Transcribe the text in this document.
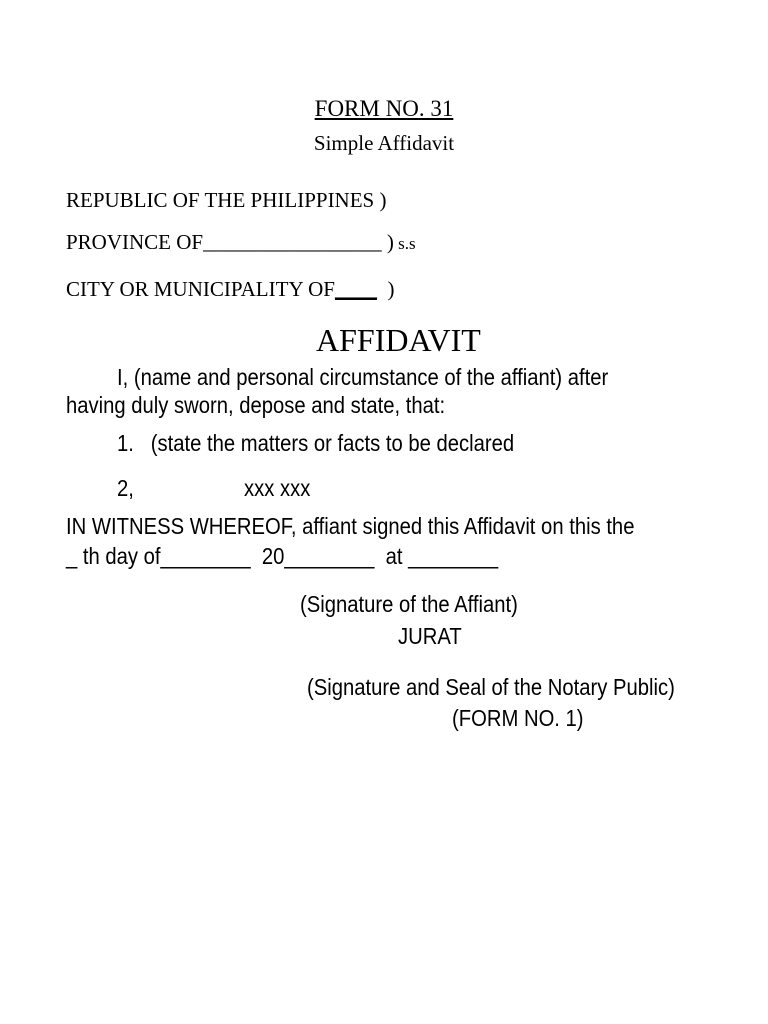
FORM NO. 31
Simple Affidavit
REPUBLIC OF THE PHILIPPINES )
PROVINCE OF_________________ ) s.s
CITY OR MUNICIPALITY OF____  )
AFFIDAVIT
I, (name and personal circumstance of the affiant) after
having duly sworn, depose and state, that:
1. (state the matters or facts to be declared
2,	xxx xxx
IN WITNESS WHEREOF, affiant signed this Affidavit on this the
_ th day of________  20________  at ________
(Signature of the Affiant)
JURAT
(Signature and Seal of the Notary Public)
(FORM NO. 1)
